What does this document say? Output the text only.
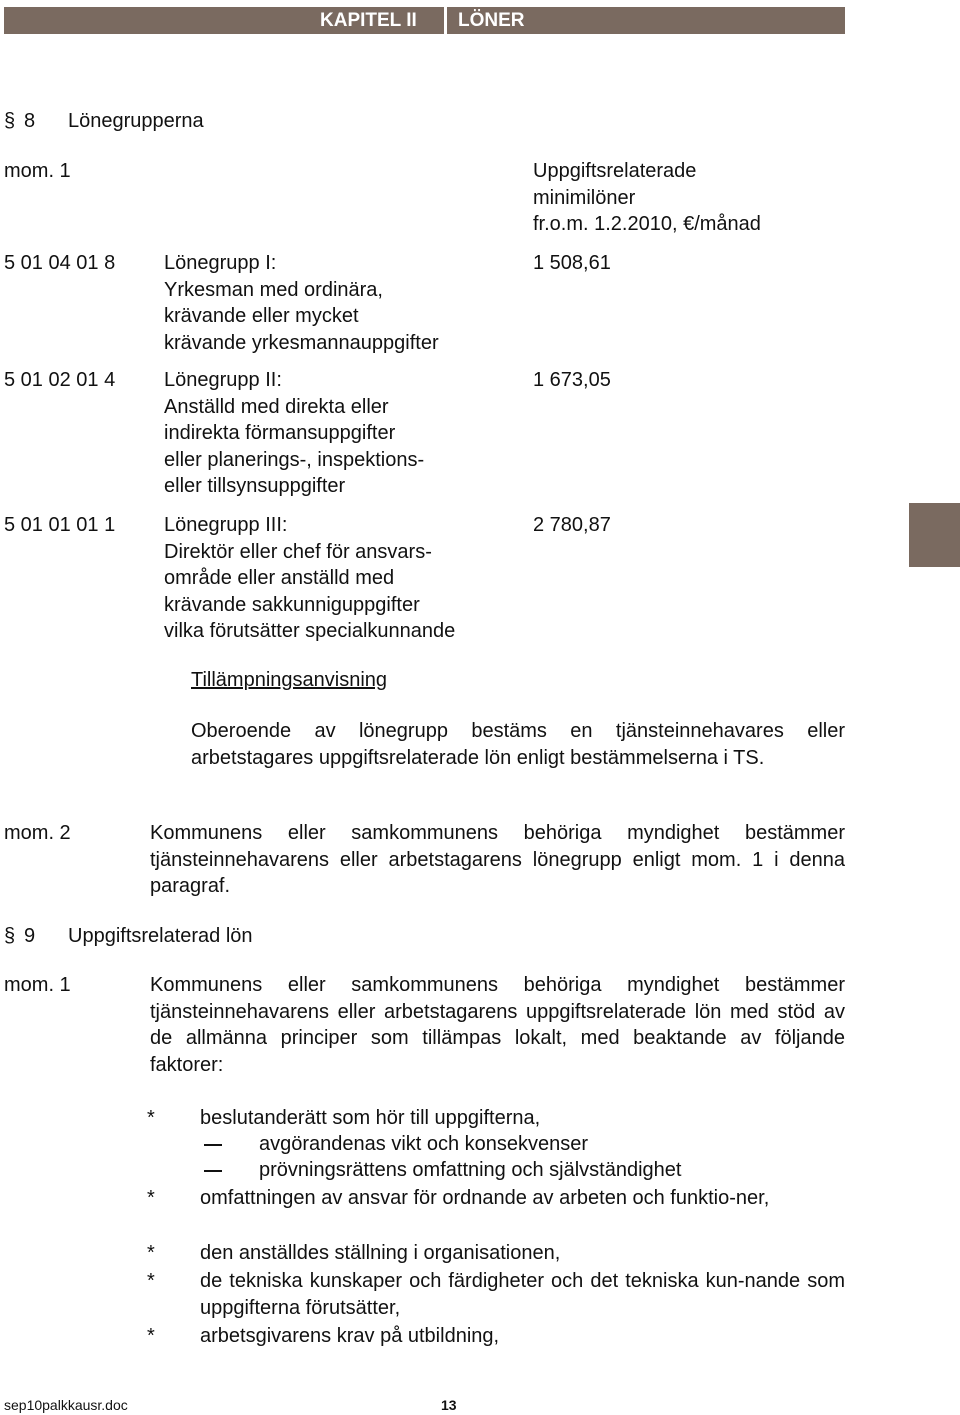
KAPITEL II LÖNER
§ 8 Lönegrupperna
mom. 1	Uppgiftsrelaterade
minimilöner
fr.o.m. 1.2.2010, €/månad
5 01 04 01 8 Lönegrupp I:
Yrkesman med ordinära,
krävande eller mycket
krävande yrkesmannauppgifter
1 508,61
5 01 02 01 4 Lönegrupp II:
Anställd med direkta eller
indirekta förmansuppgifter
eller planerings-, inspektions-
eller tillsynsuppgifter
1 673,05
5 01 01 01 1 Lönegrupp III:
Direktör eller chef för ansvars-
område eller anställd med
krävande sakkunniguppgifter
vilka förutsätter specialkunnande
2 780,87
Tillämpningsanvisning
Oberoende av lönegrupp bestäms en tjänsteinnehavares eller arbetstagares uppgiftsrelaterade lön enligt bestämmelserna i TS.
mom. 2	Kommunens eller samkommunens behöriga myndighet bestämmer tjänsteinnehavarens eller arbetstagarens lönegrupp enligt mom. 1 i denna paragraf.
§ 9 Uppgiftsrelaterad lön
mom. 1	Kommunens eller samkommunens behöriga myndighet bestämmer tjänsteinnehavarens eller arbetstagarens uppgiftsrelaterade lön med stöd av de allmänna principer som tillämpas lokalt, med beaktande av följande faktorer:
* beslutanderätt som hör till uppgifterna,
avgörandenas vikt och konsekvenser
prövningsrättens omfattning och självständighet
* omfattningen av ansvar för ordnande av arbeten och funktio-ner,
* den anställdes ställning i organisationen,
* de tekniska kunskaper och färdigheter och det tekniska kun-nande som uppgifterna förutsätter,
* arbetsgivarens krav på utbildning,
sep10palkkausr.doc	13
